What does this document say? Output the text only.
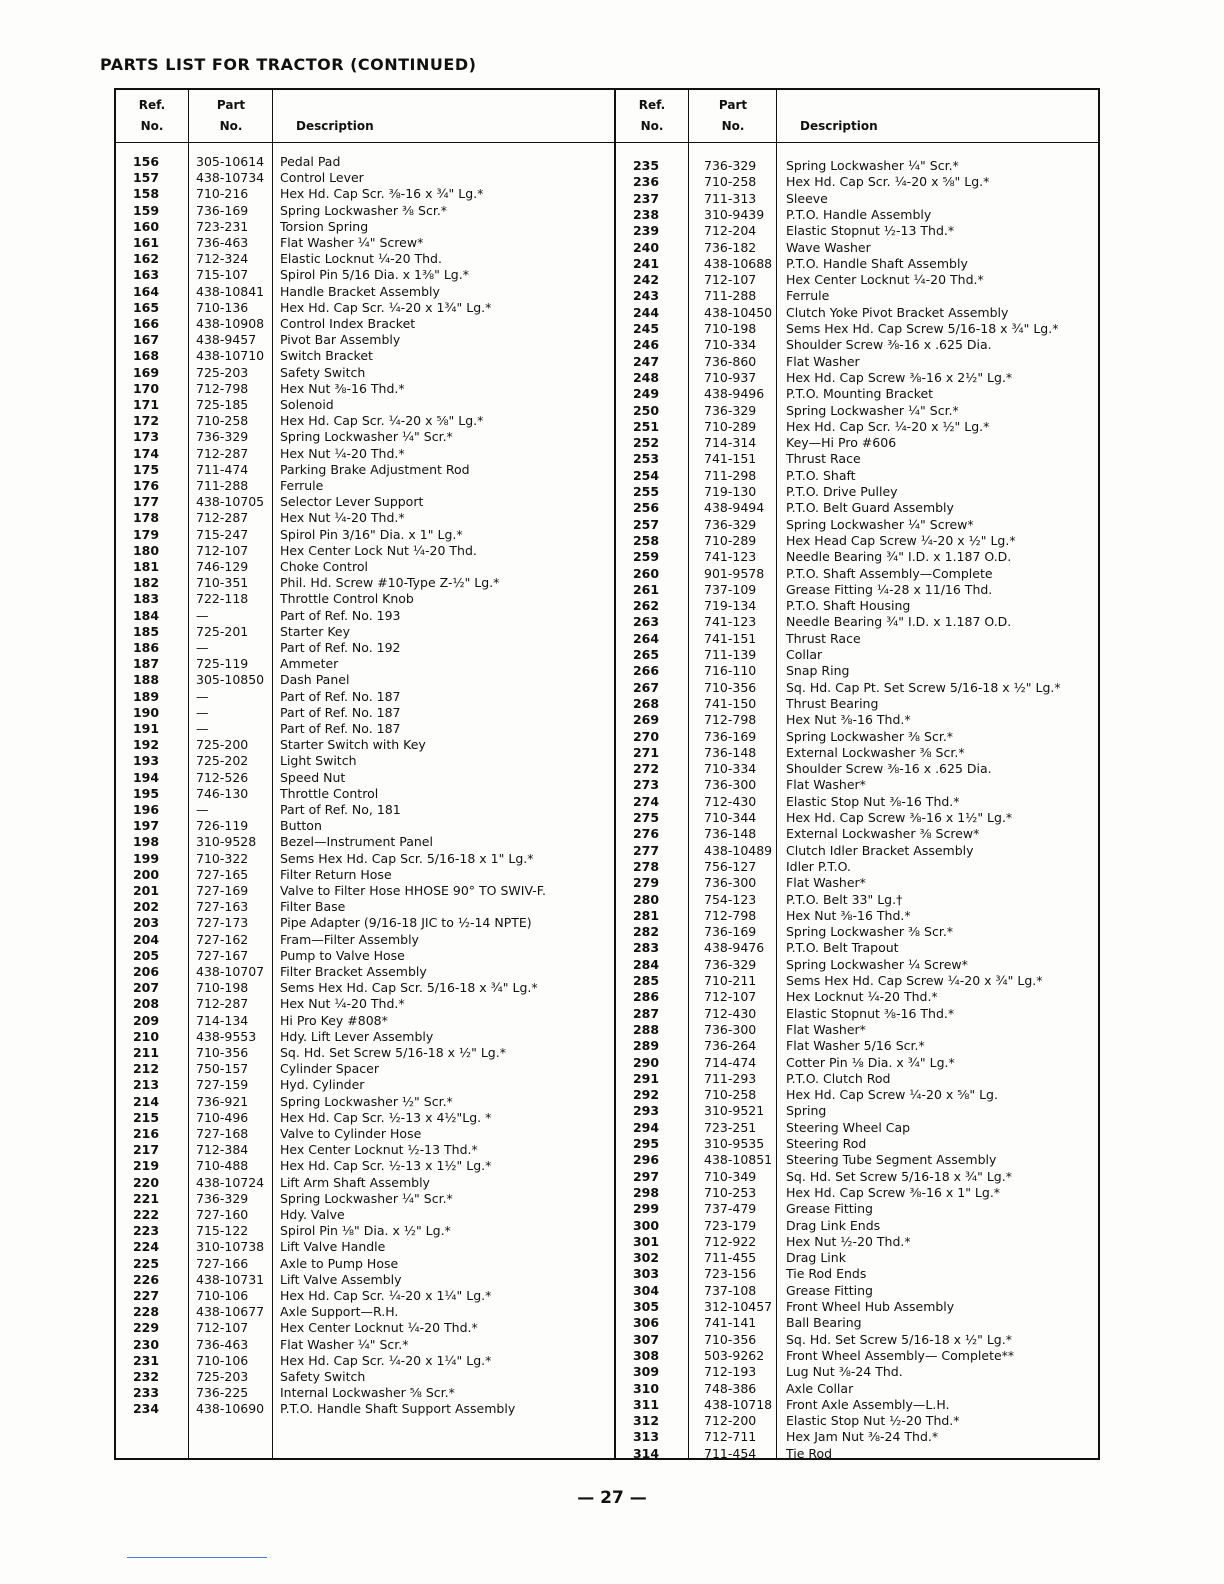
PARTS LIST FOR TRACTOR (CONTINUED)
Ref.
No.
Part
No.	Description
156	305-10614 Pedal Pad
157	438-10734 Control Lever
158	710-216	Hex Hd. Cap Scr. ⅜-16 x ¾" Lg.*
159	736-169	Spring Lockwasher ⅜ Scr.*
160	723-231	Torsion Spring
161	736-463	Flat Washer ¼" Screw*
162	712-324	Elastic Locknut ¼-20 Thd.
163	715-107	Spirol Pin 5/16 Dia. x 1⅜" Lg.*
164	438-10841 Handle Bracket Assembly
165	710-136	Hex Hd. Cap Scr. ¼-20 x 1¾" Lg.*
166	438-10908 Control Index Bracket
167	438-9457 Pivot Bar Assembly
168	438-10710 Switch Bracket
169	725-203	Safety Switch
170	712-798	Hex Nut ⅜-16 Thd.*
171	725-185	Solenoid
172	710-258	Hex Hd. Cap Scr. ¼-20 x ⅝" Lg.*
173	736-329	Spring Lockwasher ¼" Scr.*
174	712-287	Hex Nut ¼-20 Thd.*
175	711-474	Parking Brake Adjustment Rod
176	711-288	Ferrule
177	438-10705 Selector Lever Support
178	712-287	Hex Nut ¼-20 Thd.*
179	715-247	Spirol Pin 3/16" Dia. x 1" Lg.*
180	712-107	Hex Center Lock Nut ¼-20 Thd.
181	746-129	Choke Control
182	710-351	Phil. Hd. Screw #10-Type Z-½" Lg.*
183	722-118	Throttle Control Knob
184	—	Part of Ref. No. 193
185	725-201	Starter Key
186	—	Part of Ref. No. 192
187	725-119	Ammeter
188	305-10850 Dash Panel
189	—	Part of Ref. No. 187
190	—	Part of Ref. No. 187
191	—	Part of Ref. No. 187
192	725-200	Starter Switch with Key
193	725-202	Light Switch
194	712-526	Speed Nut
195	746-130	Throttle Control
196	—	Part of Ref. No, 181
197	726-119	Button
198	310-9528 Bezel—Instrument Panel
199	710-322	Sems Hex Hd. Cap Scr. 5/16-18 x 1" Lg.*
200	727-165	Filter Return Hose
201	727-169	Valve to Filter Hose HHOSE 90° TO SWIV-F.
202	727-163	Filter Base
203	727-173	Pipe Adapter (9/16-18 JIC to ½-14 NPTE)
204	727-162	Fram—Filter Assembly
205	727-167	Pump to Valve Hose
206	438-10707 Filter Bracket Assembly
207	710-198	Sems Hex Hd. Cap Scr. 5/16-18 x ¾" Lg.*
208	712-287	Hex Nut ¼-20 Thd.*
209	714-134	Hi Pro Key #808*
210	438-9553 Hdy. Lift Lever Assembly
211	710-356	Sq. Hd. Set Screw 5/16-18 x ½" Lg.*
212	750-157	Cylinder Spacer
213	727-159	Hyd. Cylinder
214	736-921	Spring Lockwasher ½" Scr.*
215	710-496	Hex Hd. Cap Scr. ½-13 x 4½"Lg. *
216	727-168	Valve to Cylinder Hose
217	712-384	Hex Center Locknut ½-13 Thd.*
219	710-488	Hex Hd. Cap Scr. ½-13 x 1½" Lg.*
220	438-10724 Lift Arm Shaft Assembly
221	736-329	Spring Lockwasher ¼" Scr.*
222	727-160	Hdy. Valve
223	715-122	Spirol Pin ⅛" Dia. x ½" Lg.*
224	310-10738 Lift Valve Handle
225	727-166	Axle to Pump Hose
226	438-10731 Lift Valve Assembly
227	710-106	Hex Hd. Cap Scr. ¼-20 x 1¼" Lg.*
228	438-10677 Axle Support—R.H.
229	712-107	Hex Center Locknut ¼-20 Thd.*
230	736-463	Flat Washer ¼" Scr.*
231	710-106	Hex Hd. Cap Scr. ¼-20 x 1¼" Lg.*
232	725-203	Safety Switch
233	736-225	Internal Lockwasher ⅝ Scr.*
234	438-10690 P.T.O. Handle Shaft Support Assembly
Ref.
No.
Part
No.	Description
235	736-329 Spring Lockwasher ¼" Scr.*
236	710-258 Hex Hd. Cap Scr. ¼-20 x ⅝" Lg.*
237	711-313 Sleeve
238	310-9439 P.T.O. Handle Assembly
239	712-204 Elastic Stopnut ½-13 Thd.*
240	736-182 Wave Washer
241	438-10688 P.T.O. Handle Shaft Assembly
242	712-107 Hex Center Locknut ¼-20 Thd.*
243	711-288 Ferrule
244	438-10450 Clutch Yoke Pivot Bracket Assembly
245	710-198 Sems Hex Hd. Cap Screw 5/16-18 x ¾" Lg.*
246	710-334 Shoulder Screw ⅜-16 x .625 Dia.
247	736-860 Flat Washer
248	710-937 Hex Hd. Cap Screw ⅜-16 x 2½" Lg.*
249	438-9496 P.T.O. Mounting Bracket
250	736-329 Spring Lockwasher ¼" Scr.*
251	710-289 Hex Hd. Cap Scr. ¼-20 x ½" Lg.*
252	714-314 Key—Hi Pro #606
253	741-151 Thrust Race
254	711-298 P.T.O. Shaft
255	719-130 P.T.O. Drive Pulley
256	438-9494 P.T.O. Belt Guard Assembly
257	736-329 Spring Lockwasher ¼" Screw*
258	710-289 Hex Head Cap Screw ¼-20 x ½" Lg.*
259	741-123 Needle Bearing ¾" I.D. x 1.187 O.D.
260	901-9578 P.T.O. Shaft Assembly—Complete
261	737-109 Grease Fitting ¼-28 x 11/16 Thd.
262	719-134 P.T.O. Shaft Housing
263	741-123 Needle Bearing ¾" I.D. x 1.187 O.D.
264	741-151 Thrust Race
265	711-139 Collar
266	716-110 Snap Ring
267	710-356 Sq. Hd. Cap Pt. Set Screw 5/16-18 x ½" Lg.*
268	741-150 Thrust Bearing
269	712-798 Hex Nut ⅜-16 Thd.*
270	736-169 Spring Lockwasher ⅜ Scr.*
271	736-148 External Lockwasher ⅜ Scr.*
272	710-334 Shoulder Screw ⅜-16 x .625 Dia.
273	736-300 Flat Washer*
274	712-430 Elastic Stop Nut ⅜-16 Thd.*
275	710-344 Hex Hd. Cap Screw ⅜-16 x 1½" Lg.*
276	736-148 External Lockwasher ⅜ Screw*
277	438-10489 Clutch Idler Bracket Assembly
278	756-127 Idler P.T.O.
279	736-300 Flat Washer*
280	754-123 P.T.O. Belt 33" Lg.†
281	712-798 Hex Nut ⅜-16 Thd.*
282	736-169 Spring Lockwasher ⅜ Scr.*
283	438-9476 P.T.O. Belt Trapout
284	736-329 Spring Lockwasher ¼ Screw*
285	710-211 Sems Hex Hd. Cap Screw ¼-20 x ¾" Lg.*
286	712-107 Hex Locknut ¼-20 Thd.*
287	712-430 Elastic Stopnut ⅜-16 Thd.*
288	736-300 Flat Washer*
289	736-264 Flat Washer 5/16 Scr.*
290	714-474 Cotter Pin ⅛ Dia. x ¾" Lg.*
291	711-293 P.T.O. Clutch Rod
292	710-258 Hex Hd. Cap Screw ¼-20 x ⅝" Lg.
293	310-9521 Spring
294	723-251 Steering Wheel Cap
295	310-9535 Steering Rod
296	438-10851 Steering Tube Segment Assembly
297	710-349 Sq. Hd. Set Screw 5/16-18 x ¾" Lg.*
298	710-253 Hex Hd. Cap Screw ⅜-16 x 1" Lg.*
299	737-479 Grease Fitting
300	723-179 Drag Link Ends
301	712-922 Hex Nut ½-20 Thd.*
302	711-455 Drag Link
303	723-156 Tie Rod Ends
304	737-108 Grease Fitting
305	312-10457 Front Wheel Hub Assembly
306	741-141 Ball Bearing
307	710-356 Sq. Hd. Set Screw 5/16-18 x ½" Lg.*
308	503-9262 Front Wheel Assembly— Complete**
309	712-193 Lug Nut ⅜-24 Thd.
310	748-386 Axle Collar
311	438-10718 Front Axle Assembly—L.H.
312	712-200 Elastic Stop Nut ½-20 Thd.*
313	712-711 Hex Jam Nut ⅜-24 Thd.*
314	711-454 Tie Rod
— 27 —
